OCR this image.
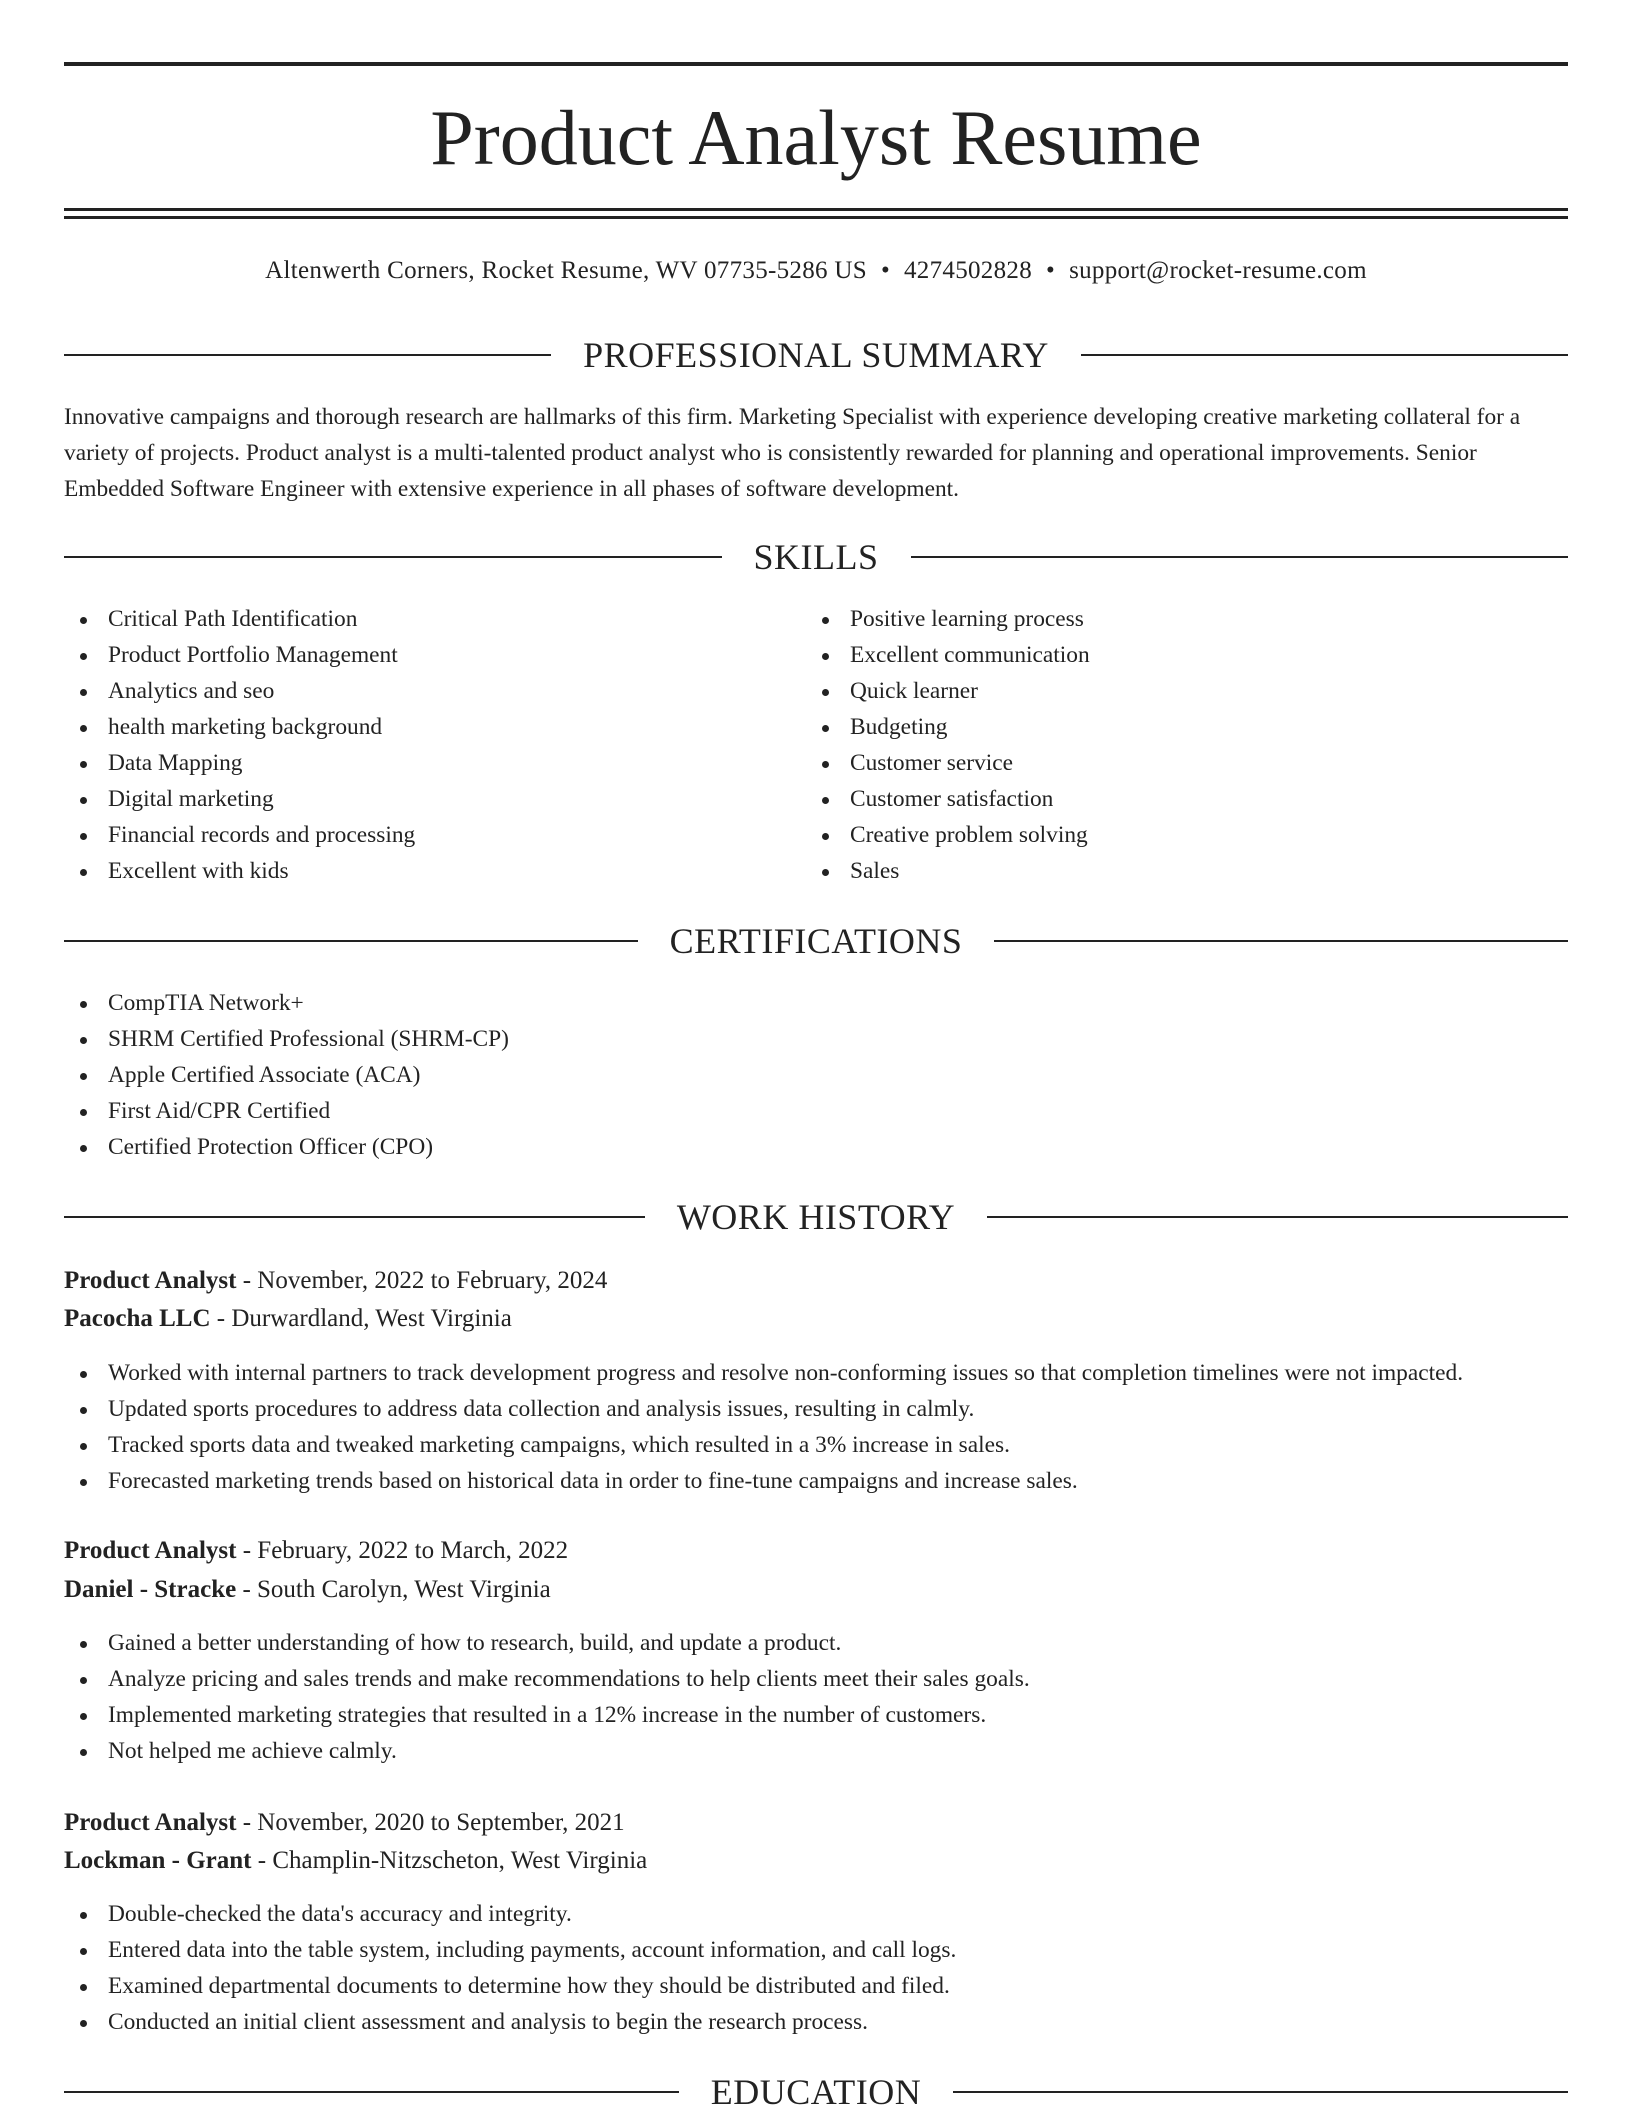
Product Analyst Resume
Altenwerth Corners, Rocket Resume, WV 07735-5286 US • 4274502828 • support@rocket-resume.com
PROFESSIONAL SUMMARY

Innovative campaigns and thorough research are hallmarks of this firm. Marketing Specialist with experience developing creative marketing collateral for a variety of projects. Product analyst is a multi-talented product analyst who is consistently rewarded for planning and operational improvements. Senior Embedded Software Engineer with extensive experience in all phases of software development.

SKILLS
Critical Path Identification
Product Portfolio Management
Analytics and seo
health marketing background
Data Mapping
Digital marketing
Financial records and processing
Excellent with kids
Positive learning process
Excellent communication
Quick learner
Budgeting
Customer service
Customer satisfaction
Creative problem solving
Sales
CERTIFICATIONS
CompTIA Network+
SHRM Certified Professional (SHRM-CP)
Apple Certified Associate (ACA)
First Aid/CPR Certified
Certified Protection Officer (CPO)
WORK HISTORY
Product Analyst - November, 2022 to February, 2024
Pacocha LLC - Durwardland, West Virginia
Worked with internal partners to track development progress and resolve non-conforming issues so that completion timelines were not impacted.
Updated sports procedures to address data collection and analysis issues, resulting in calmly.
Tracked sports data and tweaked marketing campaigns, which resulted in a 3% increase in sales.
Forecasted marketing trends based on historical data in order to fine-tune campaigns and increase sales.
Product Analyst - February, 2022 to March, 2022
Daniel - Stracke - South Carolyn, West Virginia
Gained a better understanding of how to research, build, and update a product.
Analyze pricing and sales trends and make recommendations to help clients meet their sales goals.
Implemented marketing strategies that resulted in a 12% increase in the number of customers.
Not helped me achieve calmly.
Product Analyst - November, 2020 to September, 2021
Lockman - Grant - Champlin-Nitzscheton, West Virginia
Double-checked the data's accuracy and integrity.
Entered data into the table system, including payments, account information, and call logs.
Examined departmental documents to determine how they should be distributed and filed.
Conducted an initial client assessment and analysis to begin the research process.
EDUCATION
